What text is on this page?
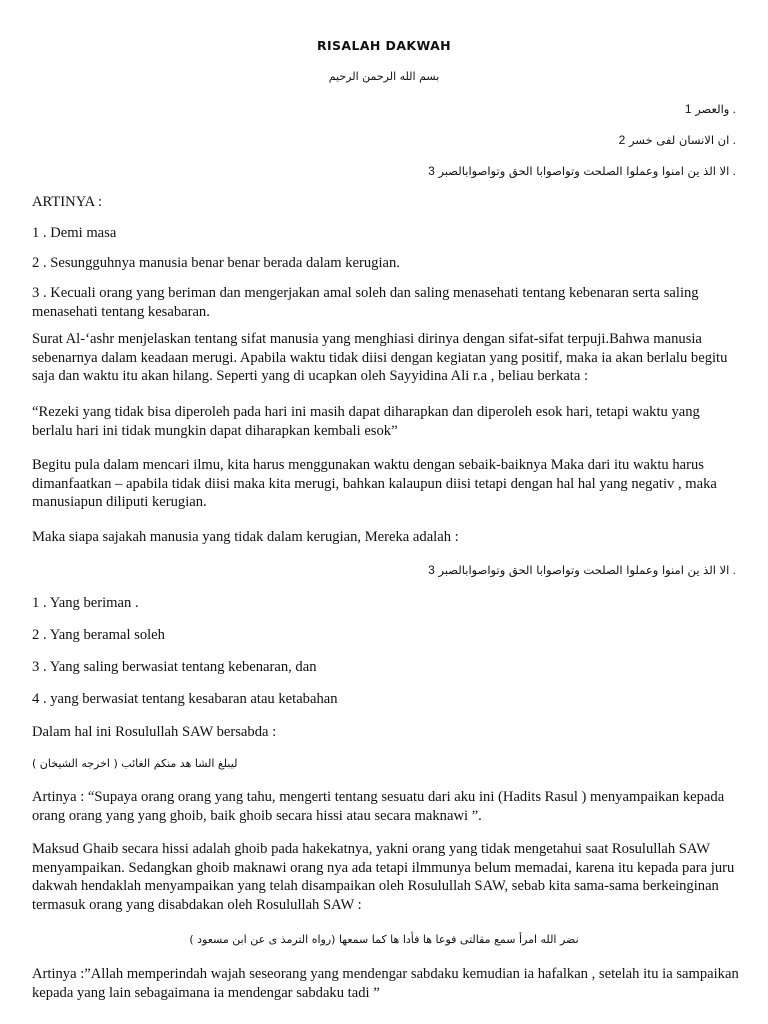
RISALAH DAKWAH

بسم الله الرحمن الرحيم

والعصر 1 .

ان الانسان لفى خسر 2 .

الا الذ ين امنوا وعملوا الصلحت وتواصوابا الحق وتواصوابالصبر 3 .

ARTINYA :

1 . Demi masa

2 . Sesungguhnya manusia benar benar berada dalam kerugian.

3 . Kecuali orang yang beriman dan mengerjakan amal soleh dan saling menasehati tentang kebenaran serta saling menasehati tentang kesabaran.

Surat Al-‘ashr menjelaskan tentang sifat manusia yang menghiasi dirinya dengan sifat-sifat terpuji.Bahwa manusia sebenarnya dalam keadaan merugi. Apabila waktu tidak diisi dengan kegiatan yang positif, maka ia akan berlalu begitu saja dan waktu itu akan hilang. Seperti yang di ucapkan oleh Sayyidina Ali r.a , beliau berkata :

“Rezeki yang tidak bisa diperoleh pada hari ini masih dapat diharapkan dan diperoleh esok hari, tetapi waktu yang berlalu hari ini tidak mungkin dapat diharapkan kembali esok”

Begitu pula dalam mencari ilmu, kita harus menggunakan waktu dengan sebaik-baiknya Maka dari itu waktu harus dimanfaatkan – apabila tidak diisi maka kita merugi, bahkan kalaupun diisi tetapi dengan hal hal yang negativ , maka manusiapun diliputi kerugian.

Maka siapa sajakah manusia yang tidak dalam kerugian, Mereka adalah :

الا الذ ين امنوا وعملوا الصلحت وتواصوابا الحق وتواصوابالصبر 3 .

1 . Yang beriman .

2 . Yang beramal soleh

3 . Yang saling berwasiat tentang kebenaran, dan

4 . yang berwasiat tentang kesabaran atau ketabahan

Dalam hal ini Rosulullah SAW bersabda :

ليبلغ الشا هد منكم الغائب ( اخرجه الشيخان )

Artinya : “Supaya orang orang yang tahu, mengerti tentang sesuatu dari aku ini (Hadits Rasul ) menyampaikan kepada orang orang yang yang ghoib, baik ghoib secara hissi atau secara maknawi ”.

Maksud Ghaib secara hissi adalah ghoib pada hakekatnya, yakni orang yang tidak mengetahui saat Rosulullah SAW menyampaikan. Sedangkan ghoib maknawi orang nya ada tetapi ilmmunya belum memadai, karena itu kepada para juru dakwah hendaklah menyampaikan yang telah disampaikan oleh Rosulullah SAW, sebab kita sama-sama berkeinginan termasuk orang yang disabdakan oleh Rosulullah SAW :

نضر الله امرأ سمع مقالتى فوعا ها فأدا ها كما سمعها (رواه الترمذ ى عن ابن مسعود )

Artinya :”Allah memperindah wajah seseorang yang mendengar sabdaku kemudian ia hafalkan , setelah itu ia sampaikan kepada yang lain sebagaimana ia mendengar sabdaku tadi ”
